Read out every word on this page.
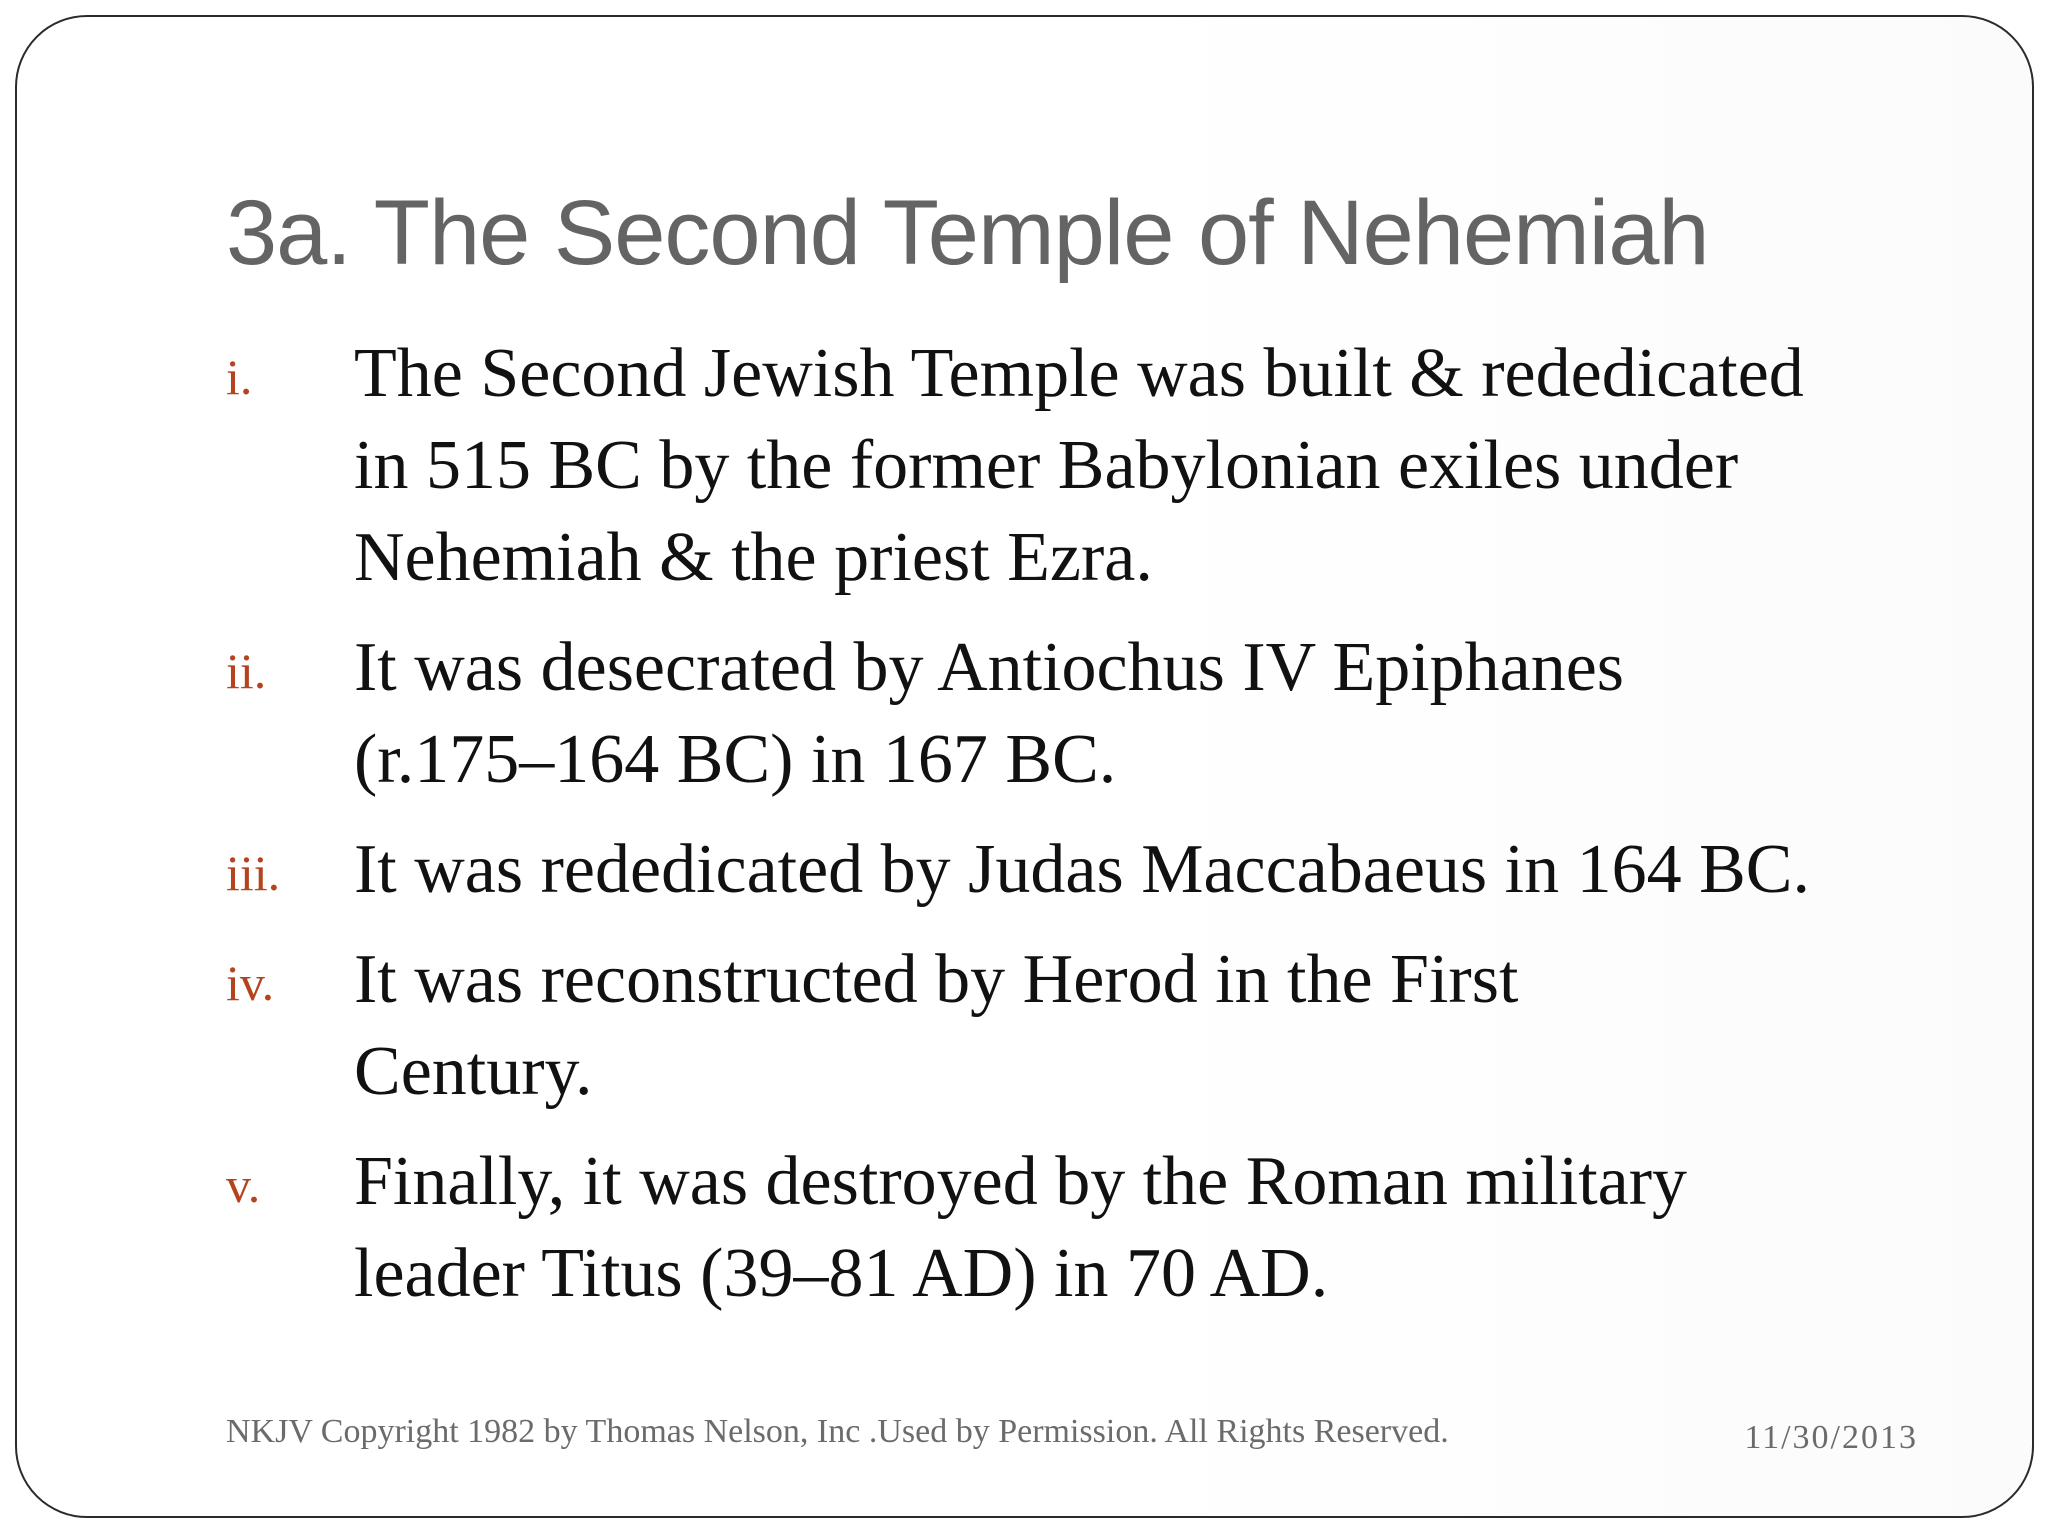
3a. The Second Temple of Nehemiah
i. The Second Jewish Temple was built & rededicated
in 515 BC by the former Babylonian exiles under
Nehemiah & the priest Ezra.
ii. It was desecrated by Antiochus IV Epiphanes
(r.175–164 BC) in 167 BC.
iii. It was rededicated by Judas Maccabaeus in 164 BC.
iv. It was reconstructed by Herod in the First
Century.
v. Finally, it was destroyed by the Roman military
leader Titus (39–81 AD) in 70 AD.
NKJV Copyright 1982 by Thomas Nelson, Inc .Used by Permission. All Rights Reserved.	11/30/2013
